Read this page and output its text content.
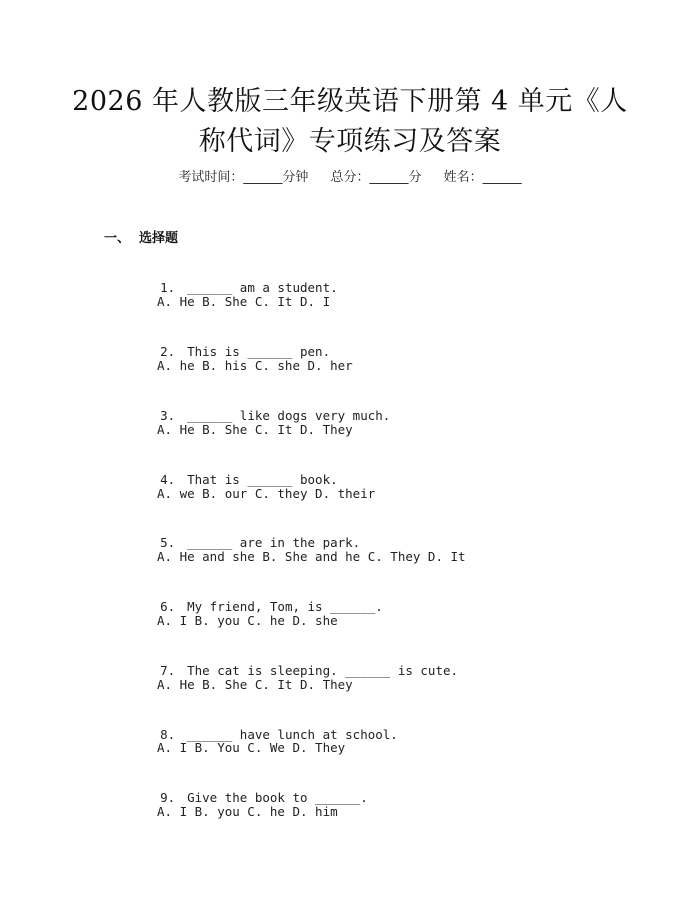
2026 年人教版三年级英语下册第 4 单元《人
称代词》专项练习及答案
考试时间：______分钟 总分：______分 姓名：______
一、  选择题

1. ______ am a student.

A. He B. She C. It D. I

2. This is ______ pen.

A. he B. his C. she D. her

3. ______ like dogs very much.

A. He B. She C. It D. They

4. That is ______ book.

A. we B. our C. they D. their

5. ______ are in the park.

A. He and she B. She and he C. They D. It

6. My friend, Tom, is ______.

A. I B. you C. he D. she

7. The cat is sleeping. ______ is cute.

A. He B. She C. It D. They

8. ______ have lunch at school.

A. I B. You C. We D. They

9. Give the book to ______.

A. I B. you C. he D. him
